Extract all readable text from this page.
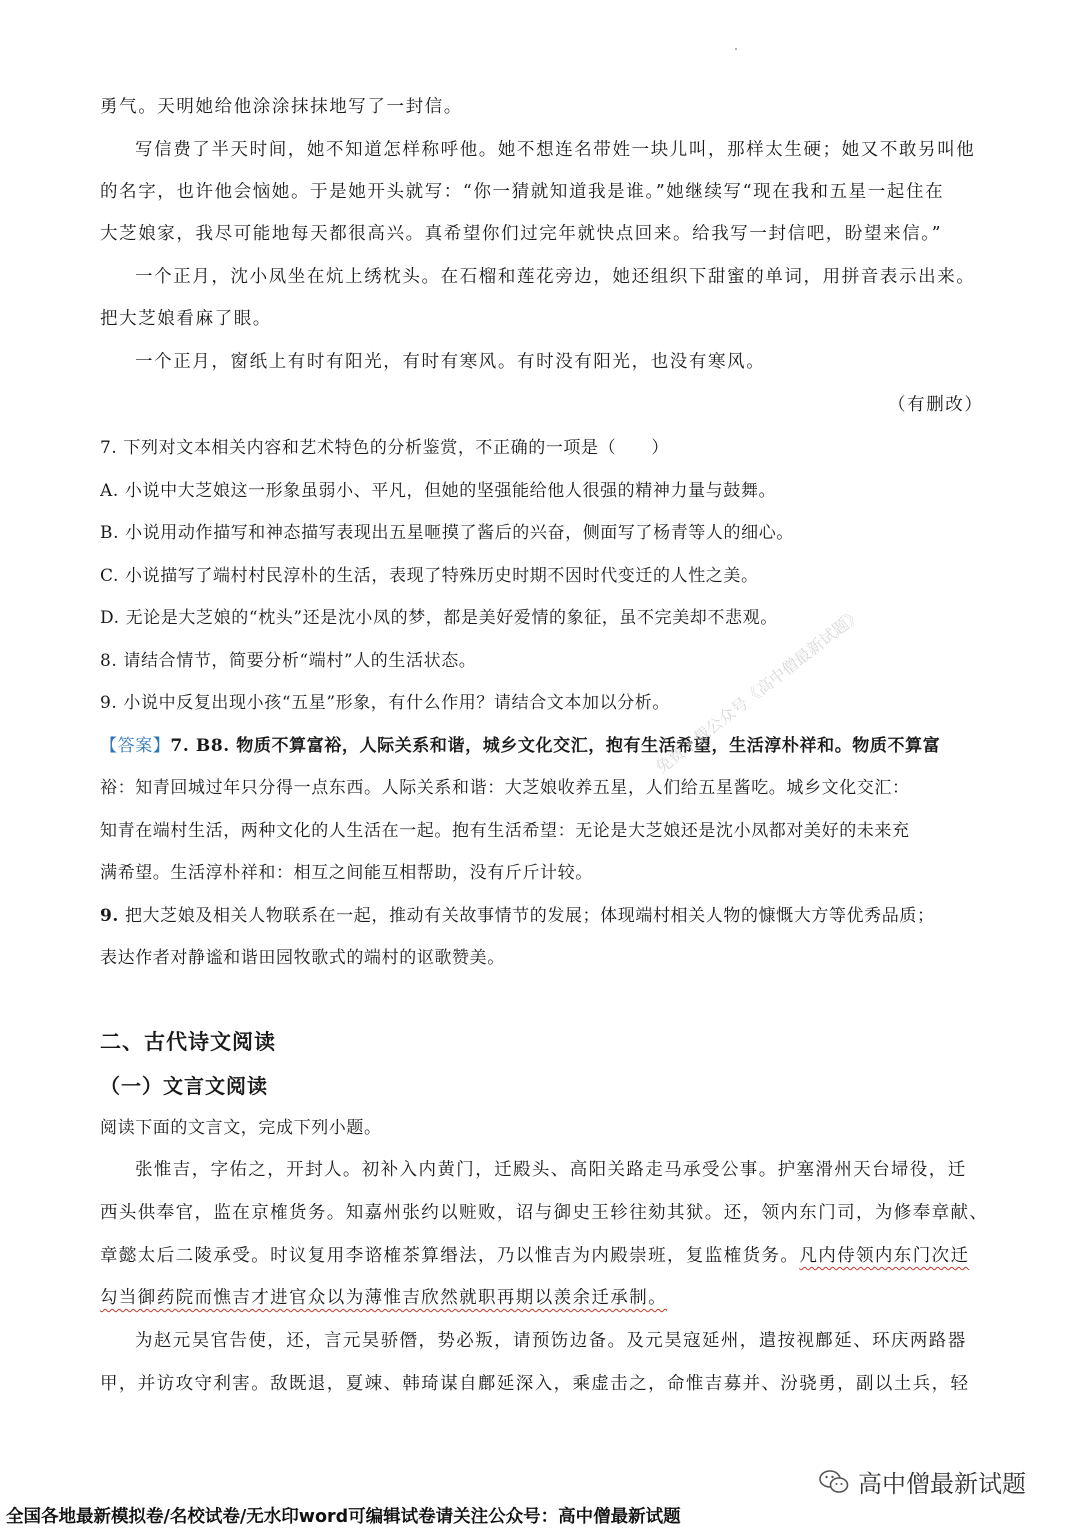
勇气。天明她给他涂涂抹抹地写了一封信。
写信费了半天时间，她不知道怎样称呼他。她不想连名带姓一块儿叫，那样太生硬；她又不敢另叫他
的名字，也许他会恼她。于是她开头就写：“你一猜就知道我是谁。”她继续写“现在我和五星一起住在
大芝娘家，我尽可能地每天都很高兴。真希望你们过完年就快点回来。给我写一封信吧，盼望来信。”
一个正月，沈小凤坐在炕上绣枕头。在石榴和莲花旁边，她还组织下甜蜜的单词，用拼音表示出来。
把大芝娘看麻了眼。
一个正月，窗纸上有时有阳光，有时有寒风。有时没有阳光，也没有寒风。
（有删改）
7. 下列对文本相关内容和艺术特色的分析鉴赏，不正确的一项是（　　）
A. 小说中大芝娘这一形象虽弱小、平凡，但她的坚强能给他人很强的精神力量与鼓舞。
B. 小说用动作描写和神态描写表现出五星咂摸了酱后的兴奋，侧面写了杨青等人的细心。
C. 小说描写了端村村民淳朴的生活，表现了特殊历史时期不因时代变迁的人性之美。
D. 无论是大芝娘的“枕头”还是沈小凤的梦，都是美好爱情的象征，虽不完美却不悲观。
8. 请结合情节，简要分析“端村”人的生活状态。
9. 小说中反复出现小孩“五星”形象，有什么作用？请结合文本加以分析。
【答案】7. B8. 物质不算富裕，人际关系和谐，城乡文化交汇，抱有生活希望，生活淳朴祥和。物质不算富
裕：知青回城过年只分得一点东西。人际关系和谐：大芝娘收养五星，人们给五星酱吃。城乡文化交汇：
知青在端村生活，两种文化的人生活在一起。抱有生活希望：无论是大芝娘还是沈小凤都对美好的未来充
满希望。生活淳朴祥和：相互之间能互相帮助，没有斤斤计较。
9. 把大芝娘及相关人物联系在一起，推动有关故事情节的发展；体现端村相关人物的慷慨大方等优秀品质；
表达作者对静谧和谐田园牧歌式的端村的讴歌赞美。
二、古代诗文阅读
（一）文言文阅读
阅读下面的文言文，完成下列小题。
张惟吉，字佑之，开封人。初补入内黄门，迁殿头、高阳关路走马承受公事。护塞滑州天台埽役，迁
西头供奉官，监在京榷货务。知嘉州张约以赃败，诏与御史王轸往劾其狱。还，领内东门司，为修奉章献、
章懿太后二陵承受。时议复用李谘榷茶算缗法，乃以惟吉为内殿崇班，复监榷货务。凡内侍领内东门次迁
勾当御药院而憔吉才进官众以为薄惟吉欣然就职再期以羡余迁承制。
为赵元昊官告使，还，言元昊骄僭，势必叛，请预饬边备。及元昊寇延州，遣按视鄜延、环庆两路器
甲，并访攻守利害。敌既退，夏竦、韩琦谋自鄜延深入，乘虚击之，命惟吉募并、汾骁勇，副以土兵，轻
免费下载公众号《高中僧最新试题》
高中僧最新试题
全国各地最新模拟卷/名校试卷/无水印word可编辑试卷请关注公众号：高中僧最新试题
